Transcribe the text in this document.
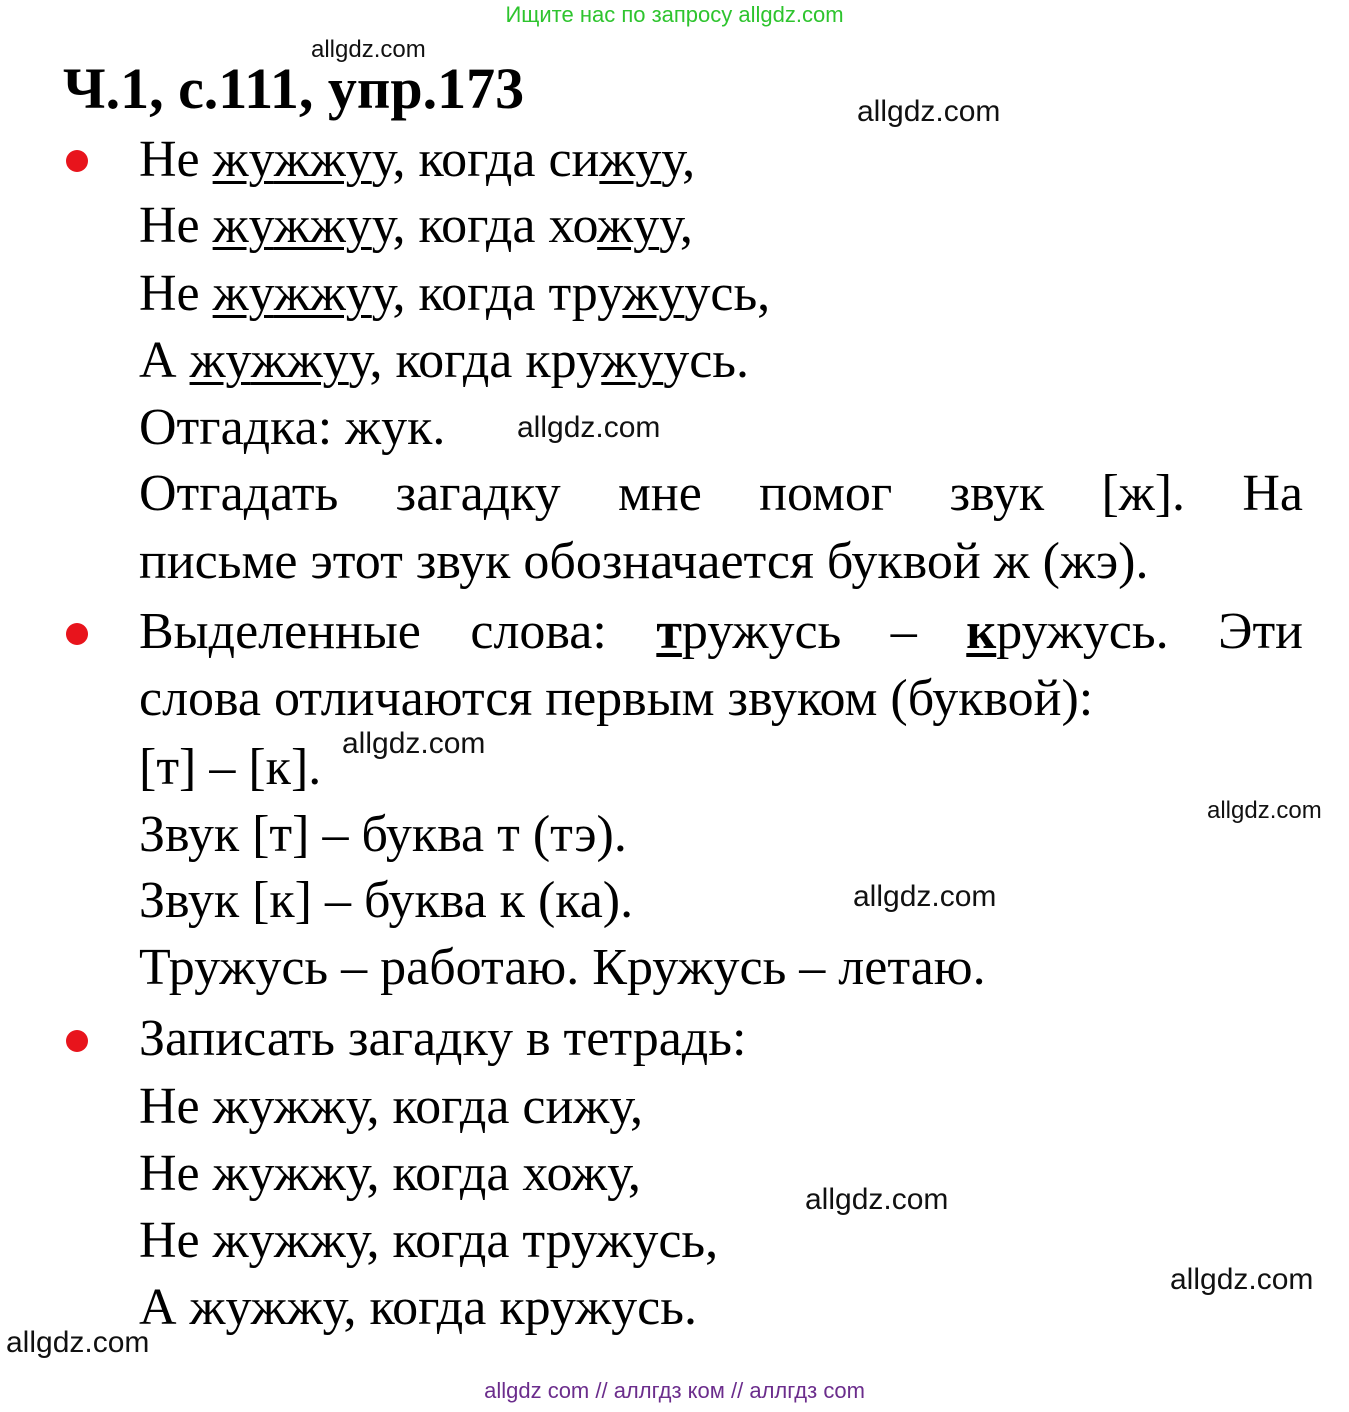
Ищите нас по запросу allgdz.com
Ч.1, с.111, упр.173
Не жужжуу, когда сижуу,
Не жужжуу, когда хожуу,
Не жужжуу, когда тружуусь,
А жужжуу, когда кружуусь.
Отгадка: жук.
Отгадать загадку мне помог звук [ж]. На
письме этот звук обозначается буквой ж (жэ).
Выделенные слова: тружусь – кружусь. Эти
слова отличаются первым звуком (буквой):
[т] – [к].
Звук [т] – буква т (тэ).
Звук [к] – буква к (ка).
Тружусь – работаю. Кружусь – летаю.
Записать загадку в тетрадь:
Не жужжу, когда сижу,
Не жужжу, когда хожу,
Не жужжу, когда тружусь,
А жужжу, когда кружусь.
allgdz.com
allgdz.com
allgdz.com
allgdz.com
allgdz.com
allgdz.com
allgdz.com
allgdz.com
allgdz.com
allgdz com // аллгдз ком // аллгдз com
